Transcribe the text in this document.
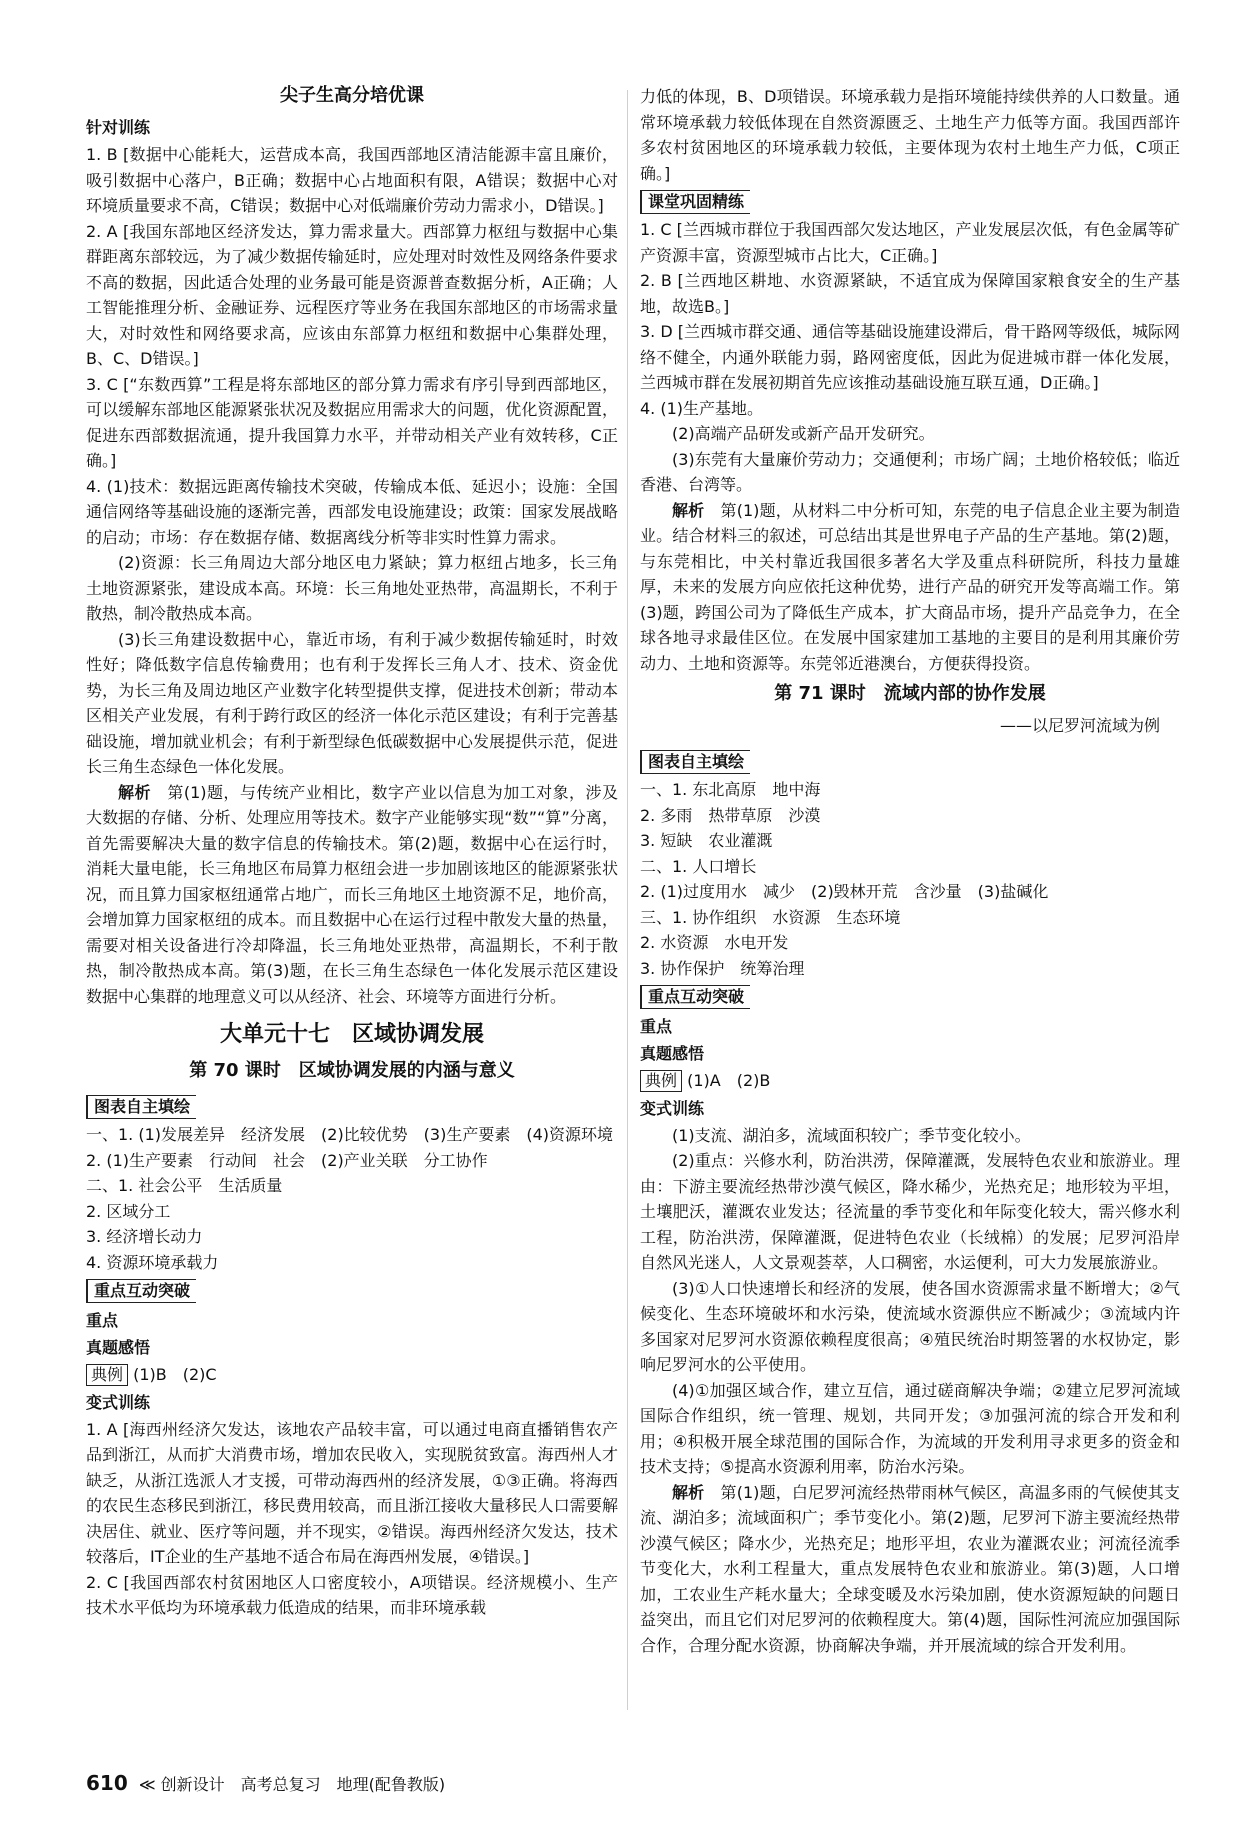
尖子生高分培优课
针对训练

1. B [数据中心能耗大，运营成本高，我国西部地区清洁能源丰富且廉价，吸引数据中心落户，B正确；数据中心占地面积有限，A错误；数据中心对环境质量要求不高，C错误；数据中心对低端廉价劳动力需求小，D错误。]

2. A [我国东部地区经济发达，算力需求量大。西部算力枢纽与数据中心集群距离东部较远，为了减少数据传输延时，应处理对时效性及网络条件要求不高的数据，因此适合处理的业务最可能是资源普查数据分析，A正确；人工智能推理分析、金融证券、远程医疗等业务在我国东部地区的市场需求量大，对时效性和网络要求高，应该由东部算力枢纽和数据中心集群处理，B、C、D错误。]

3. C [“东数西算”工程是将东部地区的部分算力需求有序引导到西部地区，可以缓解东部地区能源紧张状况及数据应用需求大的问题，优化资源配置，促进东西部数据流通，提升我国算力水平，并带动相关产业有效转移，C正确。]

4. (1)技术：数据远距离传输技术突破，传输成本低、延迟小；设施：全国通信网络等基础设施的逐渐完善，西部发电设施建设；政策：国家发展战略的启动；市场：存在数据存储、数据离线分析等非实时性算力需求。

(2)资源：长三角周边大部分地区电力紧缺；算力枢纽占地多，长三角土地资源紧张，建设成本高。环境：长三角地处亚热带，高温期长，不利于散热，制冷散热成本高。

(3)长三角建设数据中心，靠近市场，有利于减少数据传输延时，时效性好；降低数字信息传输费用；也有利于发挥长三角人才、技术、资金优势，为长三角及周边地区产业数字化转型提供支撑，促进技术创新；带动本区相关产业发展，有利于跨行政区的经济一体化示范区建设；有利于完善基础设施，增加就业机会；有利于新型绿色低碳数据中心发展提供示范，促进长三角生态绿色一体化发展。

解析　 第(1)题，与传统产业相比，数字产业以信息为加工对象，涉及大数据的存储、分析、处理应用等技术。数字产业能够实现“数”“算”分离，首先需要解决大量的数字信息的传输技术。第(2)题，数据中心在运行时，消耗大量电能，长三角地区布局算力枢纽会进一步加剧该地区的能源紧张状况，而且算力国家枢纽通常占地广，而长三角地区土地资源不足，地价高，会增加算力国家枢纽的成本。而且数据中心在运行过程中散发大量的热量，需要对相关设备进行冷却降温，长三角地处亚热带，高温期长，不利于散热，制冷散热成本高。第(3)题，在长三角生态绿色一体化发展示范区建设数据中心集群的地理意义可以从经济、社会、环境等方面进行分析。

大单元十七　区域协调发展
第 70 课时　区域协调发展的内涵与意义
图表自主填绘

一、1. (1)发展差异　经济发展　(2)比较优势　(3)生产要素　(4)资源环境

2. (1)生产要素　行动间　社会　(2)产业关联　分工协作

二、1. 社会公平　生活质量

2. 区域分工

3. 经济增长动力

4. 资源环境承载力

重点互动突破
重点
真题感悟

典例 (1)B　(2)C

变式训练

1. A [海西州经济欠发达，该地农产品较丰富，可以通过电商直播销售农产品到浙江，从而扩大消费市场，增加农民收入，实现脱贫致富。海西州人才缺乏，从浙江选派人才支援，可带动海西州的经济发展，①③正确。将海西的农民生态移民到浙江，移民费用较高，而且浙江接收大量移民人口需要解决居住、就业、医疗等问题，并不现实，②错误。海西州经济欠发达，技术较落后，IT企业的生产基地不适合布局在海西州发展，④错误。]

2. C [我国西部农村贫困地区人口密度较小，A项错误。经济规模小、生产技术水平低均为环境承载力低造成的结果，而非环境承载

力低的体现，B、D项错误。环境承载力是指环境能持续供养的人口数量。通常环境承载力较低体现在自然资源匮乏、土地生产力低等方面。我国西部许多农村贫困地区的环境承载力较低，主要体现为农村土地生产力低，C项正确。]

课堂巩固精练

1. C [兰西城市群位于我国西部欠发达地区，产业发展层次低，有色金属等矿产资源丰富，资源型城市占比大，C正确。]

2. B [兰西地区耕地、水资源紧缺，不适宜成为保障国家粮食安全的生产基地，故选B。]

3. D [兰西城市群交通、通信等基础设施建设滞后，骨干路网等级低，城际网络不健全，内通外联能力弱，路网密度低，因此为促进城市群一体化发展，兰西城市群在发展初期首先应该推动基础设施互联互通，D正确。]

4. (1)生产基地。

(2)高端产品研发或新产品开发研究。

(3)东莞有大量廉价劳动力；交通便利；市场广阔；土地价格较低；临近香港、台湾等。

解析　 第(1)题，从材料二中分析可知，东莞的电子信息企业主要为制造业。结合材料三的叙述，可总结出其是世界电子产品的生产基地。第(2)题，与东莞相比，中关村靠近我国很多著名大学及重点科研院所，科技力量雄厚，未来的发展方向应依托这种优势，进行产品的研究开发等高端工作。第(3)题，跨国公司为了降低生产成本，扩大商品市场，提升产品竞争力，在全球各地寻求最佳区位。在发展中国家建加工基地的主要目的是利用其廉价劳动力、土地和资源等。东莞邻近港澳台，方便获得投资。

第 71 课时　流域内部的协作发展
——以尼罗河流域为例
图表自主填绘

一、1. 东北高原　地中海

2. 多雨　热带草原　沙漠

3. 短缺　农业灌溉

二、1. 人口增长

2. (1)过度用水　减少　(2)毁林开荒　含沙量　(3)盐碱化

三、1. 协作组织　水资源　生态环境

2. 水资源　水电开发

3. 协作保护　统筹治理

重点互动突破
重点
真题感悟

典例 (1)A　(2)B

变式训练

(1)支流、湖泊多，流域面积较广；季节变化较小。

(2)重点：兴修水利，防治洪涝，保障灌溉，发展特色农业和旅游业。理由：下游主要流经热带沙漠气候区，降水稀少，光热充足；地形较为平坦，土壤肥沃，灌溉农业发达；径流量的季节变化和年际变化较大，需兴修水利工程，防治洪涝，保障灌溉，促进特色农业（长绒棉）的发展；尼罗河沿岸自然风光迷人，人文景观荟萃，人口稠密，水运便利，可大力发展旅游业。

(3)①人口快速增长和经济的发展，使各国水资源需求量不断增大；②气候变化、生态环境破坏和水污染，使流域水资源供应不断减少；③流域内许多国家对尼罗河水资源依赖程度很高；④殖民统治时期签署的水权协定，影响尼罗河水的公平使用。

(4)①加强区域合作，建立互信，通过磋商解决争端；②建立尼罗河流域国际合作组织，统一管理、规划，共同开发；③加强河流的综合开发和利用；④积极开展全球范围的国际合作，为流域的开发利用寻求更多的资金和技术支持；⑤提高水资源利用率，防治水污染。

解析　 第(1)题，白尼罗河流经热带雨林气候区，高温多雨的气候使其支流、湖泊多；流域面积广；季节变化小。第(2)题，尼罗河下游主要流经热带沙漠气候区；降水少，光热充足；地形平坦，农业为灌溉农业；河流径流季节变化大，水利工程量大，重点发展特色农业和旅游业。第(3)题，人口增加，工农业生产耗水量大；全球变暖及水污染加剧，使水资源短缺的问题日益突出，而且它们对尼罗河的依赖程度大。第(4)题，国际性河流应加强国际合作，合理分配水资源，协商解决争端，并开展流域的综合开发利用。

610 ≪ 创新设计　高考总复习　地理(配鲁教版)
